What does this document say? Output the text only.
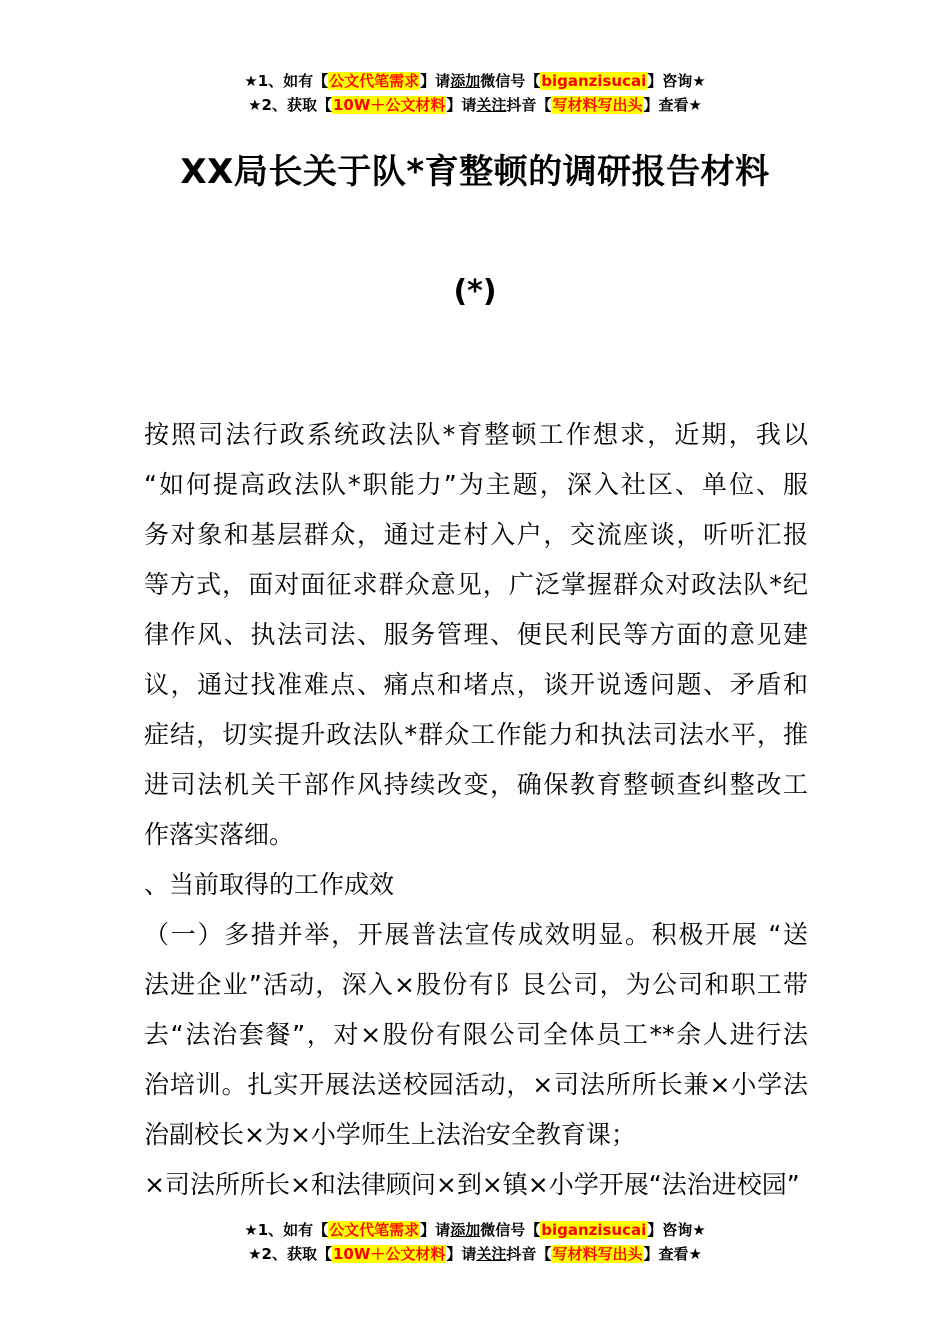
★1、如有【公文代笔需求】请添加微信号【biganzisucai】咨询★
★2、获取【10W＋公文材料】请关注抖音【写材料写出头】查看★
XX局长关于队*育整顿的调研报告材料
(*)
按照司法行政系统政法队*育整顿工作想求，近期，我以
“如何提高政法队*职能力”为主题，深入社区、单位、服
务对象和基层群众，通过走村入户，交流座谈，听听汇报
等方式，面对面征求群众意见，广泛掌握群众对政法队*纪
律作风、执法司法、服务管理、便民利民等方面的意见建
议，通过找准难点、痛点和堵点，谈开说透问题、矛盾和
症结，切实提升政法队*群众工作能力和执法司法水平，推
进司法机关干部作风持续改变，确保教育整顿查纠整改工
作落实落细。
、当前取得的工作成效
（一）多措并举，开展普法宣传成效明显。积极开展 “送
法进企业”活动，深入×股份有阝艮公司，为公司和职工带
去“法治套餐”，对×股份有限公司全体员工**余人进行法
治培训。扎实开展法送校园活动，×司法所所长兼×小学法
治副校长×为×小学师生上法治安全教育课；
×司法所所长×和法律顾问×到×镇×小学开展“法治进校园”
★1、如有【公文代笔需求】请添加微信号【biganzisucai】咨询★
★2、获取【10W＋公文材料】请关注抖音【写材料写出头】查看★
